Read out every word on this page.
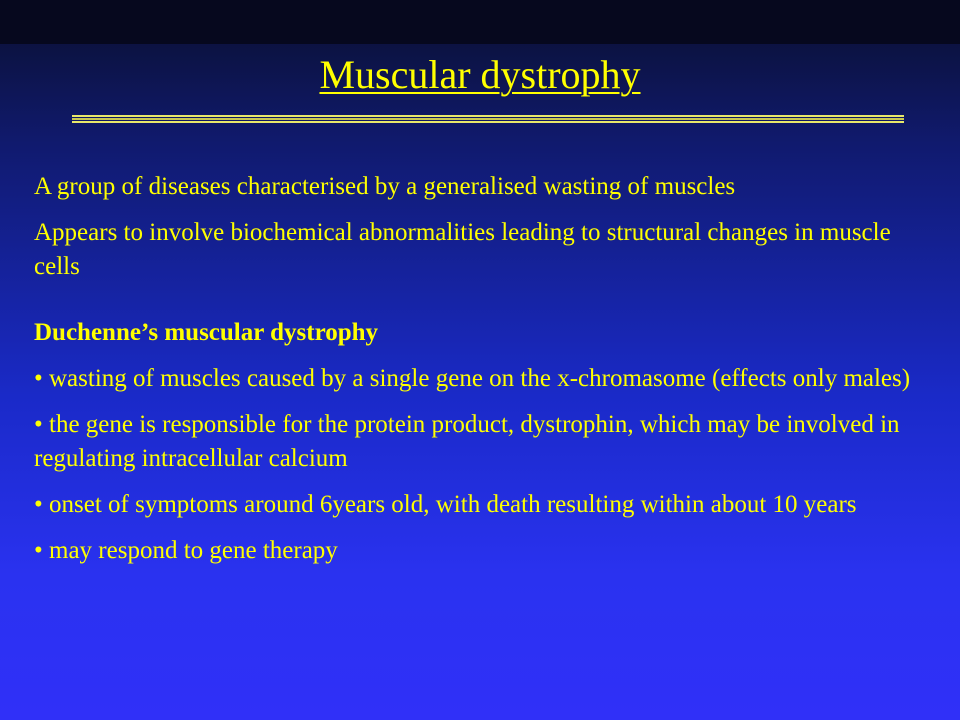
Muscular dystrophy

A group of diseases characterised by a generalised wasting of muscles

Appears to involve biochemical abnormalities leading to structural changes in muscle cells

Duchenne’s muscular dystrophy

• wasting of muscles caused by a single gene on the x-chromasome (effects only males)

• the gene is responsible for the protein product, dystrophin, which may be involved in regulating intracellular calcium

• onset of symptoms around 6years old, with death resulting within about 10 years

• may respond to gene therapy
